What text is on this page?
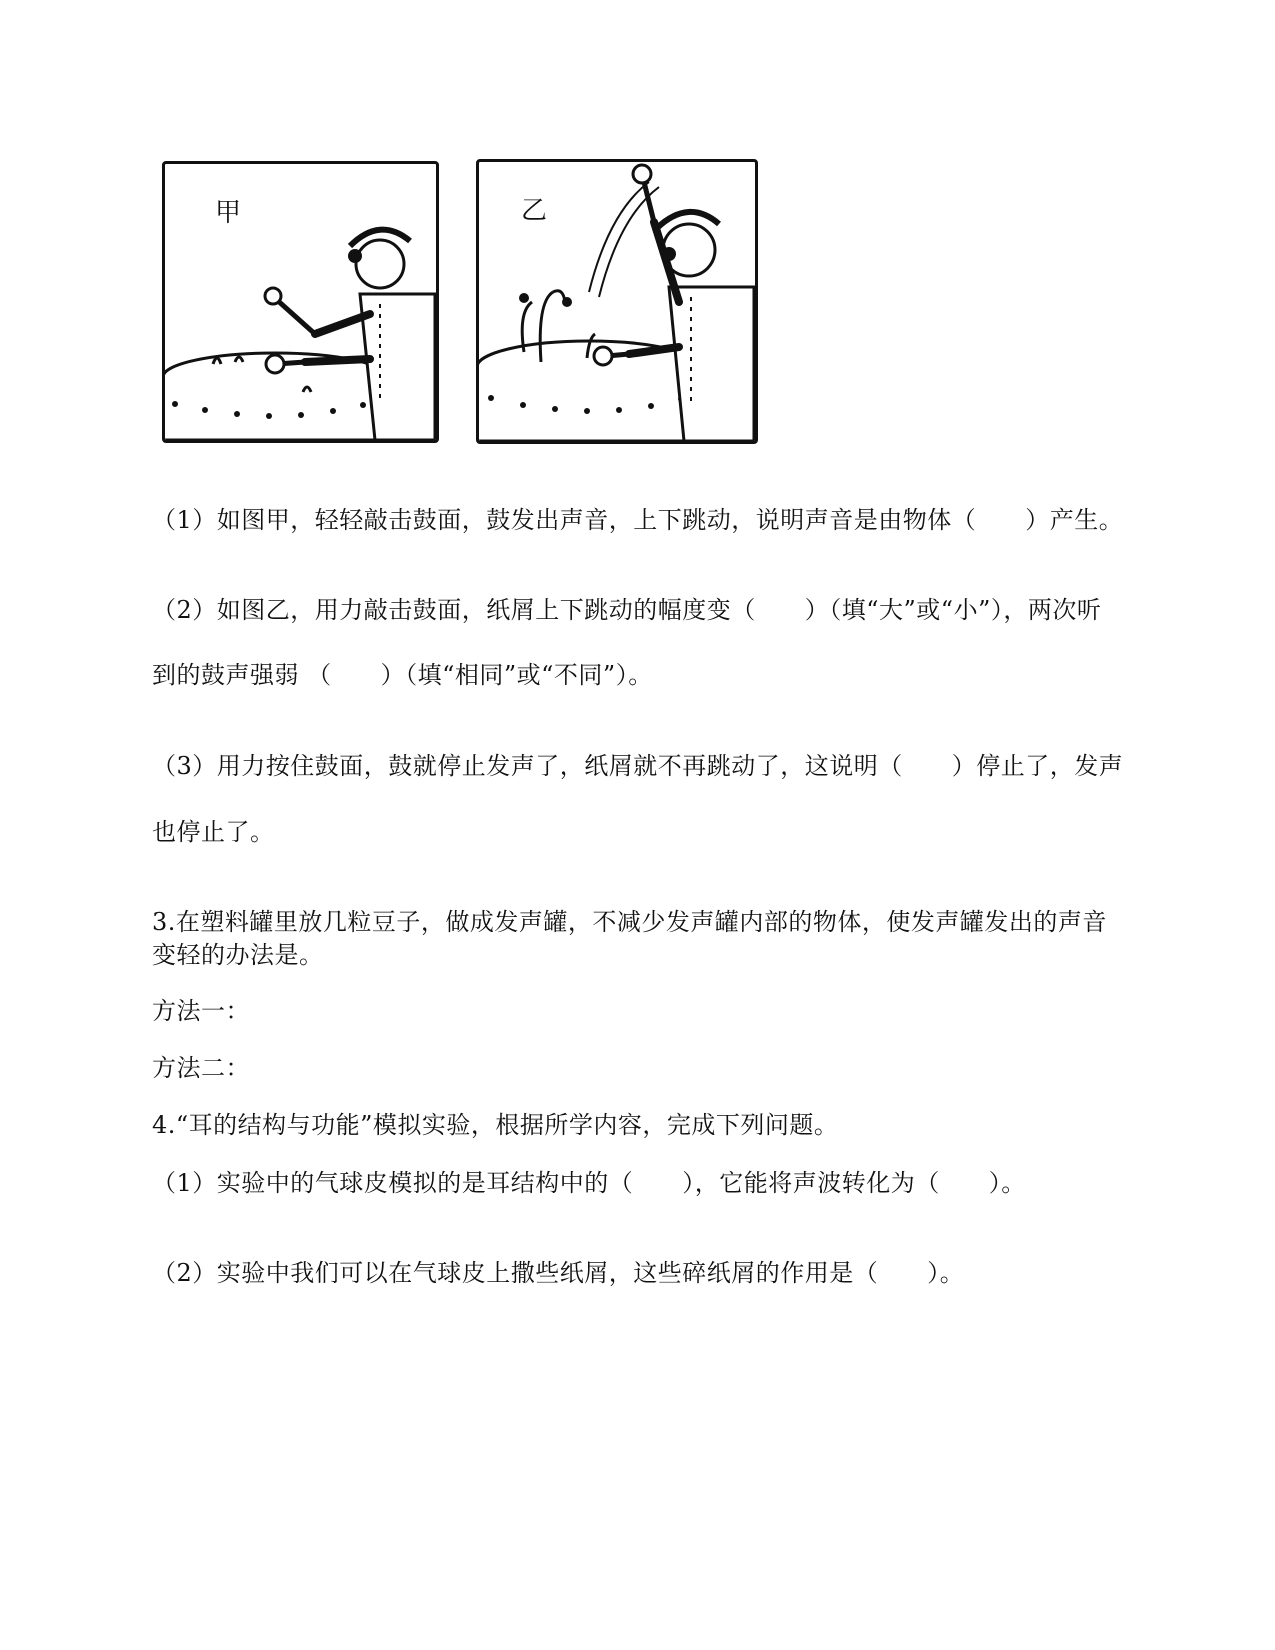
甲	乙
（1）如图甲，轻轻敲击鼓面，鼓发出声音，上下跳动，说明声音是由物体（　　）产生。
（2）如图乙，用力敲击鼓面，纸屑上下跳动的幅度变（　　）（填“大”或“小”），两次听
到的鼓声强弱 （　　）（填“相同”或“不同”）。
（3）用力按住鼓面，鼓就停止发声了，纸屑就不再跳动了，这说明（　　）停止了，发声
也停止了。
3.在塑料罐里放几粒豆子，做成发声罐，不减少发声罐内部的物体，使发声罐发出的声音
变轻的办法是。
方法一：
方法二：
4.“耳的结构与功能”模拟实验，根据所学内容，完成下列问题。
（1）实验中的气球皮模拟的是耳结构中的（　　），它能将声波转化为（　　）。
（2）实验中我们可以在气球皮上撒些纸屑，这些碎纸屑的作用是（　　）。
